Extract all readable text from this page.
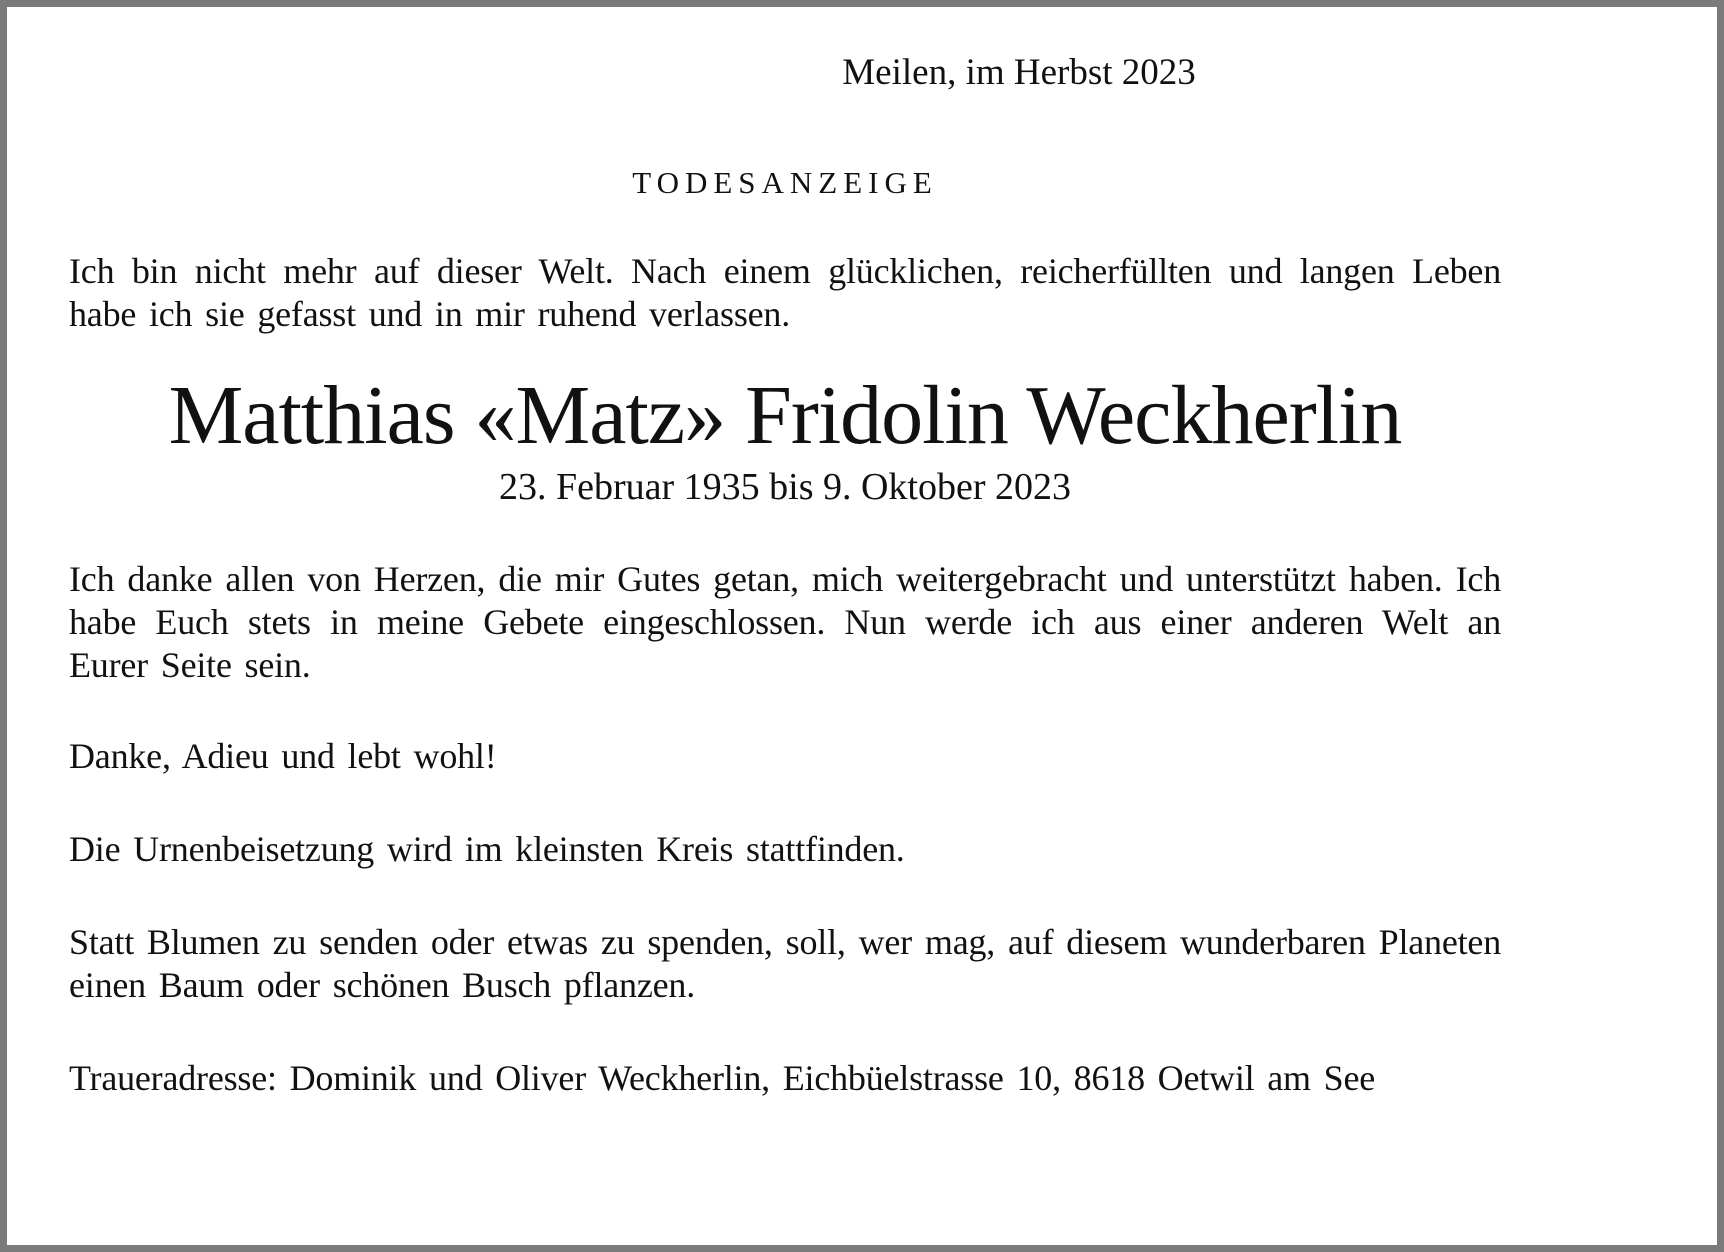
Meilen, im Herbst 2023
TODESANZEIGE

Ich bin nicht mehr auf dieser Welt. Nach einem glücklichen, reicherfüllten und langen Leben habe ich sie gefasst und in mir ruhend verlassen.

Matthias «Matz» Fridolin Weckherlin
23. Februar 1935 bis 9. Oktober 2023

Ich danke allen von Herzen, die mir Gutes getan, mich weitergebracht und unterstützt haben. Ich habe Euch stets in meine Gebete eingeschlossen. Nun werde ich aus einer anderen Welt an Eurer Seite sein.

Danke, Adieu und lebt wohl!

Die Urnenbeisetzung wird im kleinsten Kreis stattfinden.

Statt Blumen zu senden oder etwas zu spenden, soll, wer mag, auf diesem wunderbaren Planeten einen Baum oder schönen Busch pflanzen.

Traueradresse: Dominik und Oliver Weckherlin, Eichbüelstrasse 10, 8618 Oetwil am See
